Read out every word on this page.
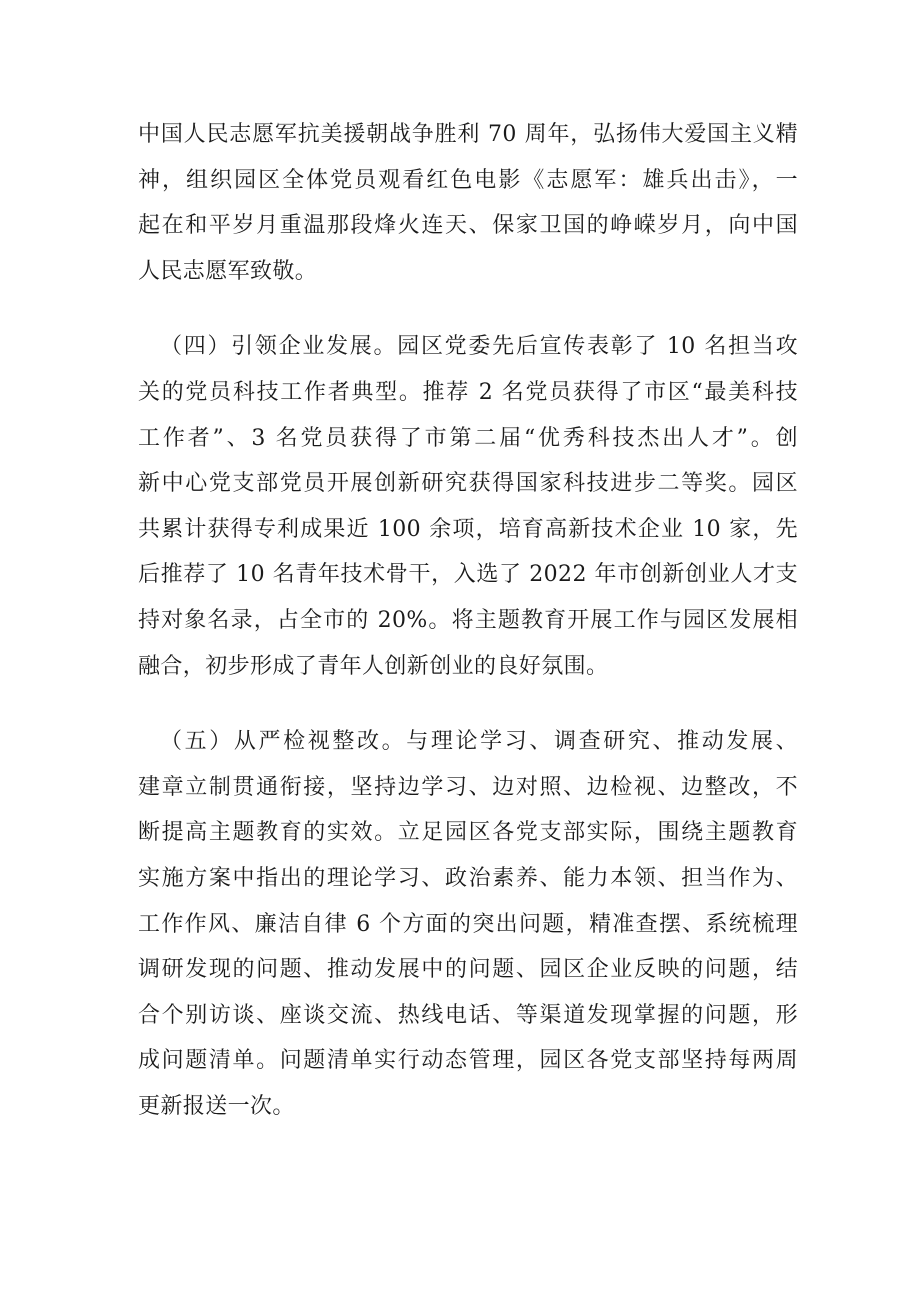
中国人民志愿军抗美援朝战争胜利 70 周年，弘扬伟大爱国主义精
神，组织园区全体党员观看红色电影《志愿军：雄兵出击》，一
起在和平岁月重温那段烽火连天、保家卫国的峥嵘岁月，向中国
人民志愿军致敬。
（四）引领企业发展。园区党委先后宣传表彰了 10 名担当攻
关的党员科技工作者典型。推荐 2 名党员获得了市区“最美科技
工作者”、3 名党员获得了市第二届“优秀科技杰出人才”。创
新中心党支部党员开展创新研究获得国家科技进步二等奖。园区
共累计获得专利成果近 100 余项，培育高新技术企业 10 家，先
后推荐了 10 名青年技术骨干，入选了 2022 年市创新创业人才支
持对象名录，占全市的 20%。将主题教育开展工作与园区发展相
融合，初步形成了青年人创新创业的良好氛围。
（五）从严检视整改。与理论学习、调查研究、推动发展、
建章立制贯通衔接，坚持边学习、边对照、边检视、边整改，不
断提高主题教育的实效。立足园区各党支部实际，围绕主题教育
实施方案中指出的理论学习、政治素养、能力本领、担当作为、
工作作风、廉洁自律 6 个方面的突出问题，精准查摆、系统梳理
调研发现的问题、推动发展中的问题、园区企业反映的问题，结
合个别访谈、座谈交流、热线电话、等渠道发现掌握的问题，形
成问题清单。问题清单实行动态管理，园区各党支部坚持每两周
更新报送一次。
